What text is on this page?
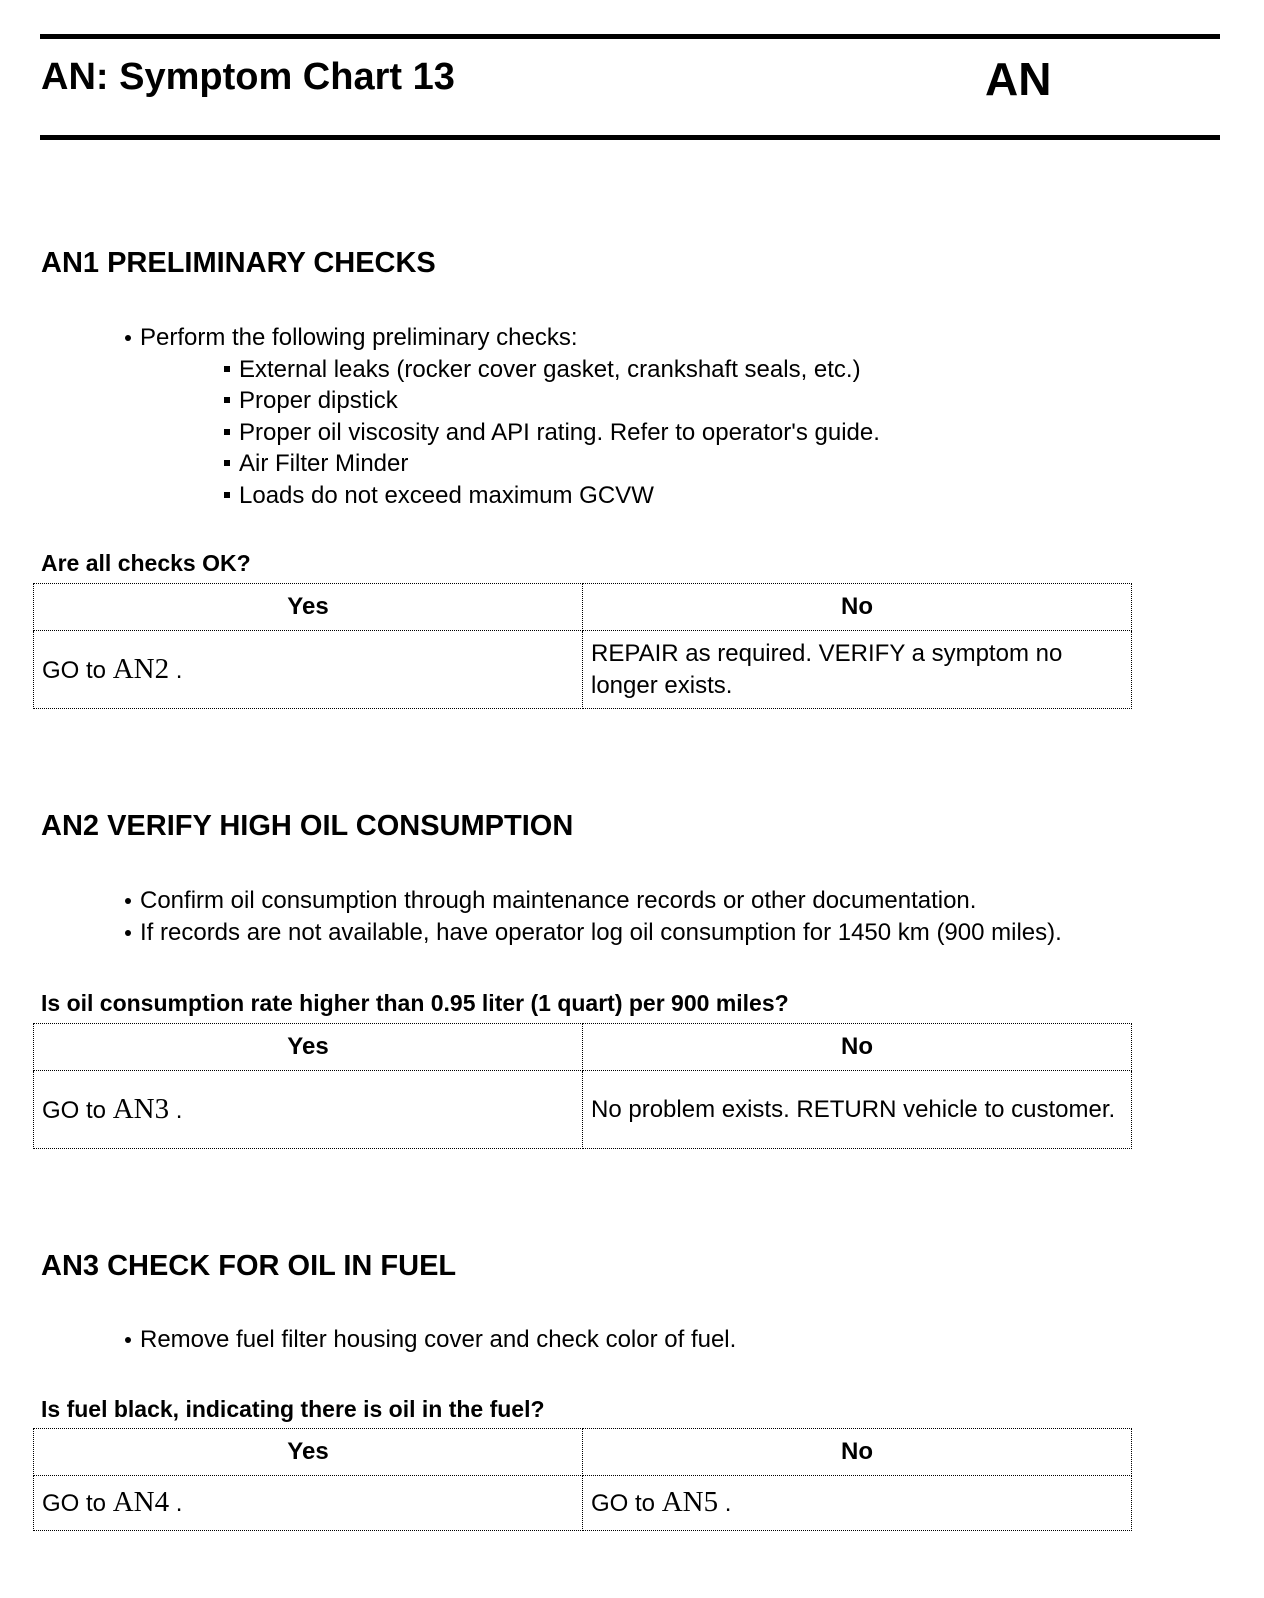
AN: Symptom Chart 13	AN
AN1 PRELIMINARY CHECKS
Perform the following preliminary checks:
External leaks (rocker cover gasket, crankshaft seals, etc.)
Proper dipstick
Proper oil viscosity and API rating. Refer to operator's guide.
Air Filter Minder
Loads do not exceed maximum GCVW
Are all checks OK?
Yes	No
GO to AN2 .	REPAIR as required. VERIFY a symptom no longer exists.
AN2 VERIFY HIGH OIL CONSUMPTION
Confirm oil consumption through maintenance records or other documentation.
If records are not available, have operator log oil consumption for 1450 km (900 miles).
Is oil consumption rate higher than 0.95 liter (1 quart) per 900 miles?
Yes	No
GO to AN3 .	No problem exists. RETURN vehicle to customer.
AN3 CHECK FOR OIL IN FUEL
Remove fuel filter housing cover and check color of fuel.
Is fuel black, indicating there is oil in the fuel?
Yes	No
GO to AN4 .	GO to AN5 .
